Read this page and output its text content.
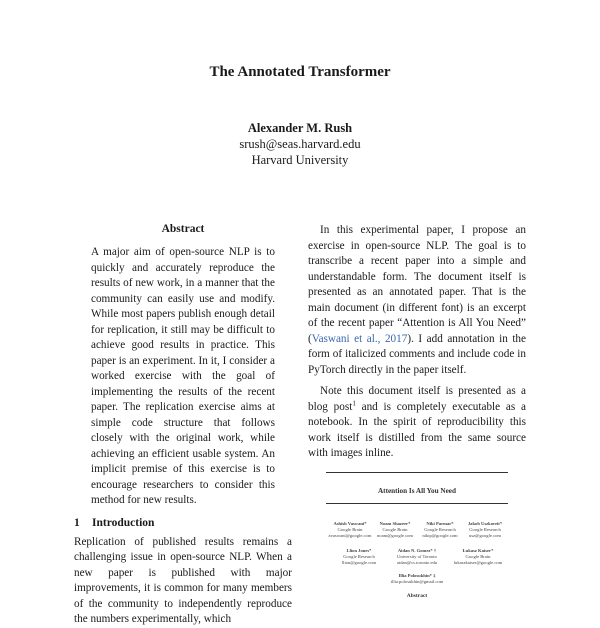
The Annotated Transformer
Alexander M. Rush
srush@seas.harvard.edu
Harvard University
Abstract

A major aim of open-source NLP is to quickly and accurately reproduce the results of new work, in a manner that the community can easily use and modify. While most papers publish enough detail for replication, it still may be difficult to achieve good results in practice. This paper is an experiment. In it, I consider a worked exercise with the goal of implementing the results of the recent paper. The replication exercise aims at simple code structure that follows closely with the original work, while achieving an efficient usable system. An implicit premise of this exercise is to encourage researchers to consider this method for new results.

1 Introduction

Replication of published results remains a challenging issue in open-source NLP. When a new paper is published with major improvements, it is common for many members of the community to independently reproduce the numbers experimentally, which

In this experimental paper, I propose an exercise in open-source NLP. The goal is to transcribe a recent paper into a simple and understandable form. The document itself is presented as an annotated paper. That is the main document (in different font) is an excerpt of the recent paper “Attention is All You Need” (Vaswani et al., 2017). I add annotation in the form of italicized comments and include code in PyTorch directly in the paper itself.

Note this document itself is presented as a blog post$^1$ and is completely executable as a notebook. In the spirit of reproducibility this work itself is distilled from the same source with images inline.

Attention Is All You Need
Ashish Vaswani*
Google Brain
avaswani@google.com
Noam Shazeer*
Google Brain
noam@google.com
Niki Parmar*
Google Research
nikip@google.com
Jakob Uszkoreit*
Google Research
usz@google.com
Llion Jones*
Google Research
llion@google.com
Aidan N. Gomez* †
University of Toronto
aidan@cs.toronto.edu
Łukasz Kaiser*
Google Brain
lukaszkaiser@google.com
Illia Polosukhin* ‡
illia.polosukhin@gmail.com
Abstract
